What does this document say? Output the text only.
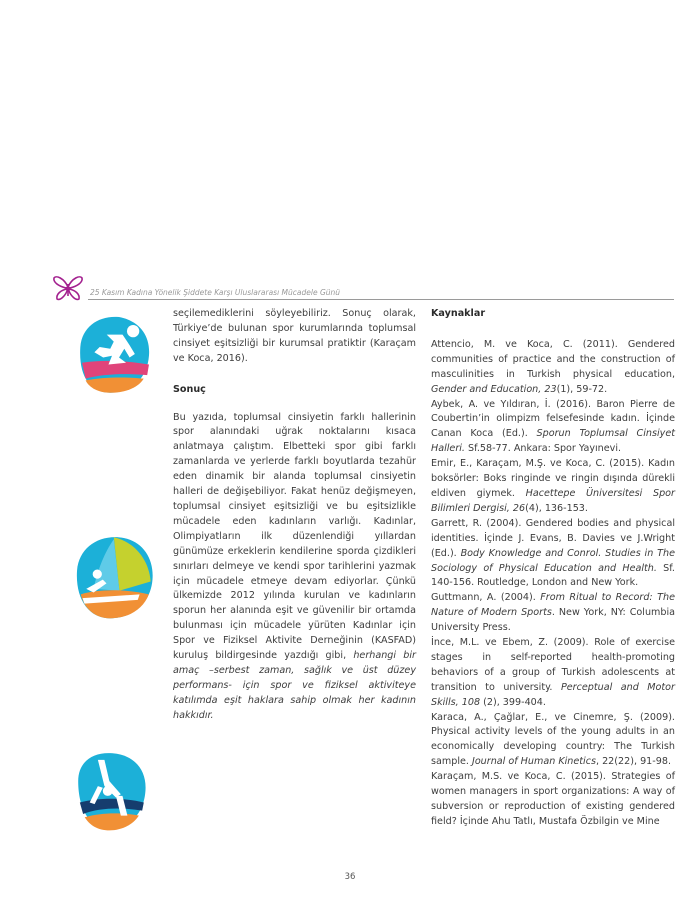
25 Kasım Kadına Yönelik Şiddete Karşı Uluslararası Mücadele Günü

seçilemediklerini söyleyebiliriz. Sonuç olarak, Türkiye’de bulunan spor kurumlarında toplumsal cinsiyet eşitsizliği bir kurumsal pratiktir (Karaçam ve Koca, 2016).

Sonuç

Bu yazıda, toplumsal cinsiyetin farklı hallerinin spor alanındaki uğrak noktalarını kısaca anlatmaya çalıştım. Elbetteki spor gibi farklı zamanlarda ve yerlerde farklı boyutlarda tezahür eden dinamik bir alanda toplumsal cinsiyetin halleri de değişebiliyor. Fakat henüz değişmeyen, toplumsal cinsiyet eşitsizliği ve bu eşitsizlikle mücadele eden kadınların varlığı. Kadınlar, Olimpiyatların ilk düzenlendiği yıllardan günümüze erkeklerin kendilerine sporda çizdikleri sınırları delmeye ve kendi spor tarihlerini yazmak için mücadele etmeye devam ediyorlar. Çünkü ülkemizde 2012 yılında kurulan ve kadınların sporun her alanında eşit ve güvenilir bir ortamda bulunması için mücadele yürüten Kadınlar için Spor ve Fiziksel Aktivite Derneğinin (KASFAD) kuruluş bildirgesinde yazdığı gibi, herhangi bir amaç –serbest zaman, sağlık ve üst düzey performans- için spor ve fiziksel aktiviteye katılımda eşit haklara sahip olmak her kadının hakkıdır.

Kaynaklar

Attencio, M. ve Koca, C. (2011). Gendered communities of practice and the construction of masculinities in Turkish physical education, Gender and Education, 23(1), 59-72.

Aybek, A. ve Yıldıran, İ. (2016). Baron Pierre de Coubertin’in olimpizm felsefesinde kadın. İçinde Canan Koca (Ed.). Sporun Toplumsal Cinsiyet Halleri. Sf.58-77. Ankara: Spor Yayınevi.

Emir, E., Karaçam, M.Ş. ve Koca, C. (2015). Kadın boksörler: Boks ringinde ve ringin dışında dürekli eldiven giymek. Hacettepe Üniversitesi Spor Bilimleri Dergisi, 26(4), 136-153.

Garrett, R. (2004). Gendered bodies and physical identities. İçinde J. Evans, B. Davies ve J.Wright (Ed.). Body Knowledge and Conrol. Studies in The Sociology of Physical Education and Health. Sf. 140-156. Routledge, London and New York.

Guttmann, A. (2004). From Ritual to Record: The Nature of Modern Sports. New York, NY: Columbia University Press.

İnce, M.L. ve Ebem, Z. (2009). Role of exercise stages in self-reported health-promoting behaviors of a group of Turkish adolescents at transition to university. Perceptual and Motor Skills, 108 (2), 399-404.

Karaca, A., Çağlar, E., ve Cinemre, Ş. (2009). Physical activity levels of the young adults in an economically developing country: The Turkish sample. Journal of Human Kinetics, 22(22), 91-98.

Karaçam, M.S. ve Koca, C. (2015). Strategies of women managers in sport organizations: A way of subversion or reproduction of existing gendered field? İçinde Ahu Tatlı, Mustafa Özbilgin ve Mine

36
